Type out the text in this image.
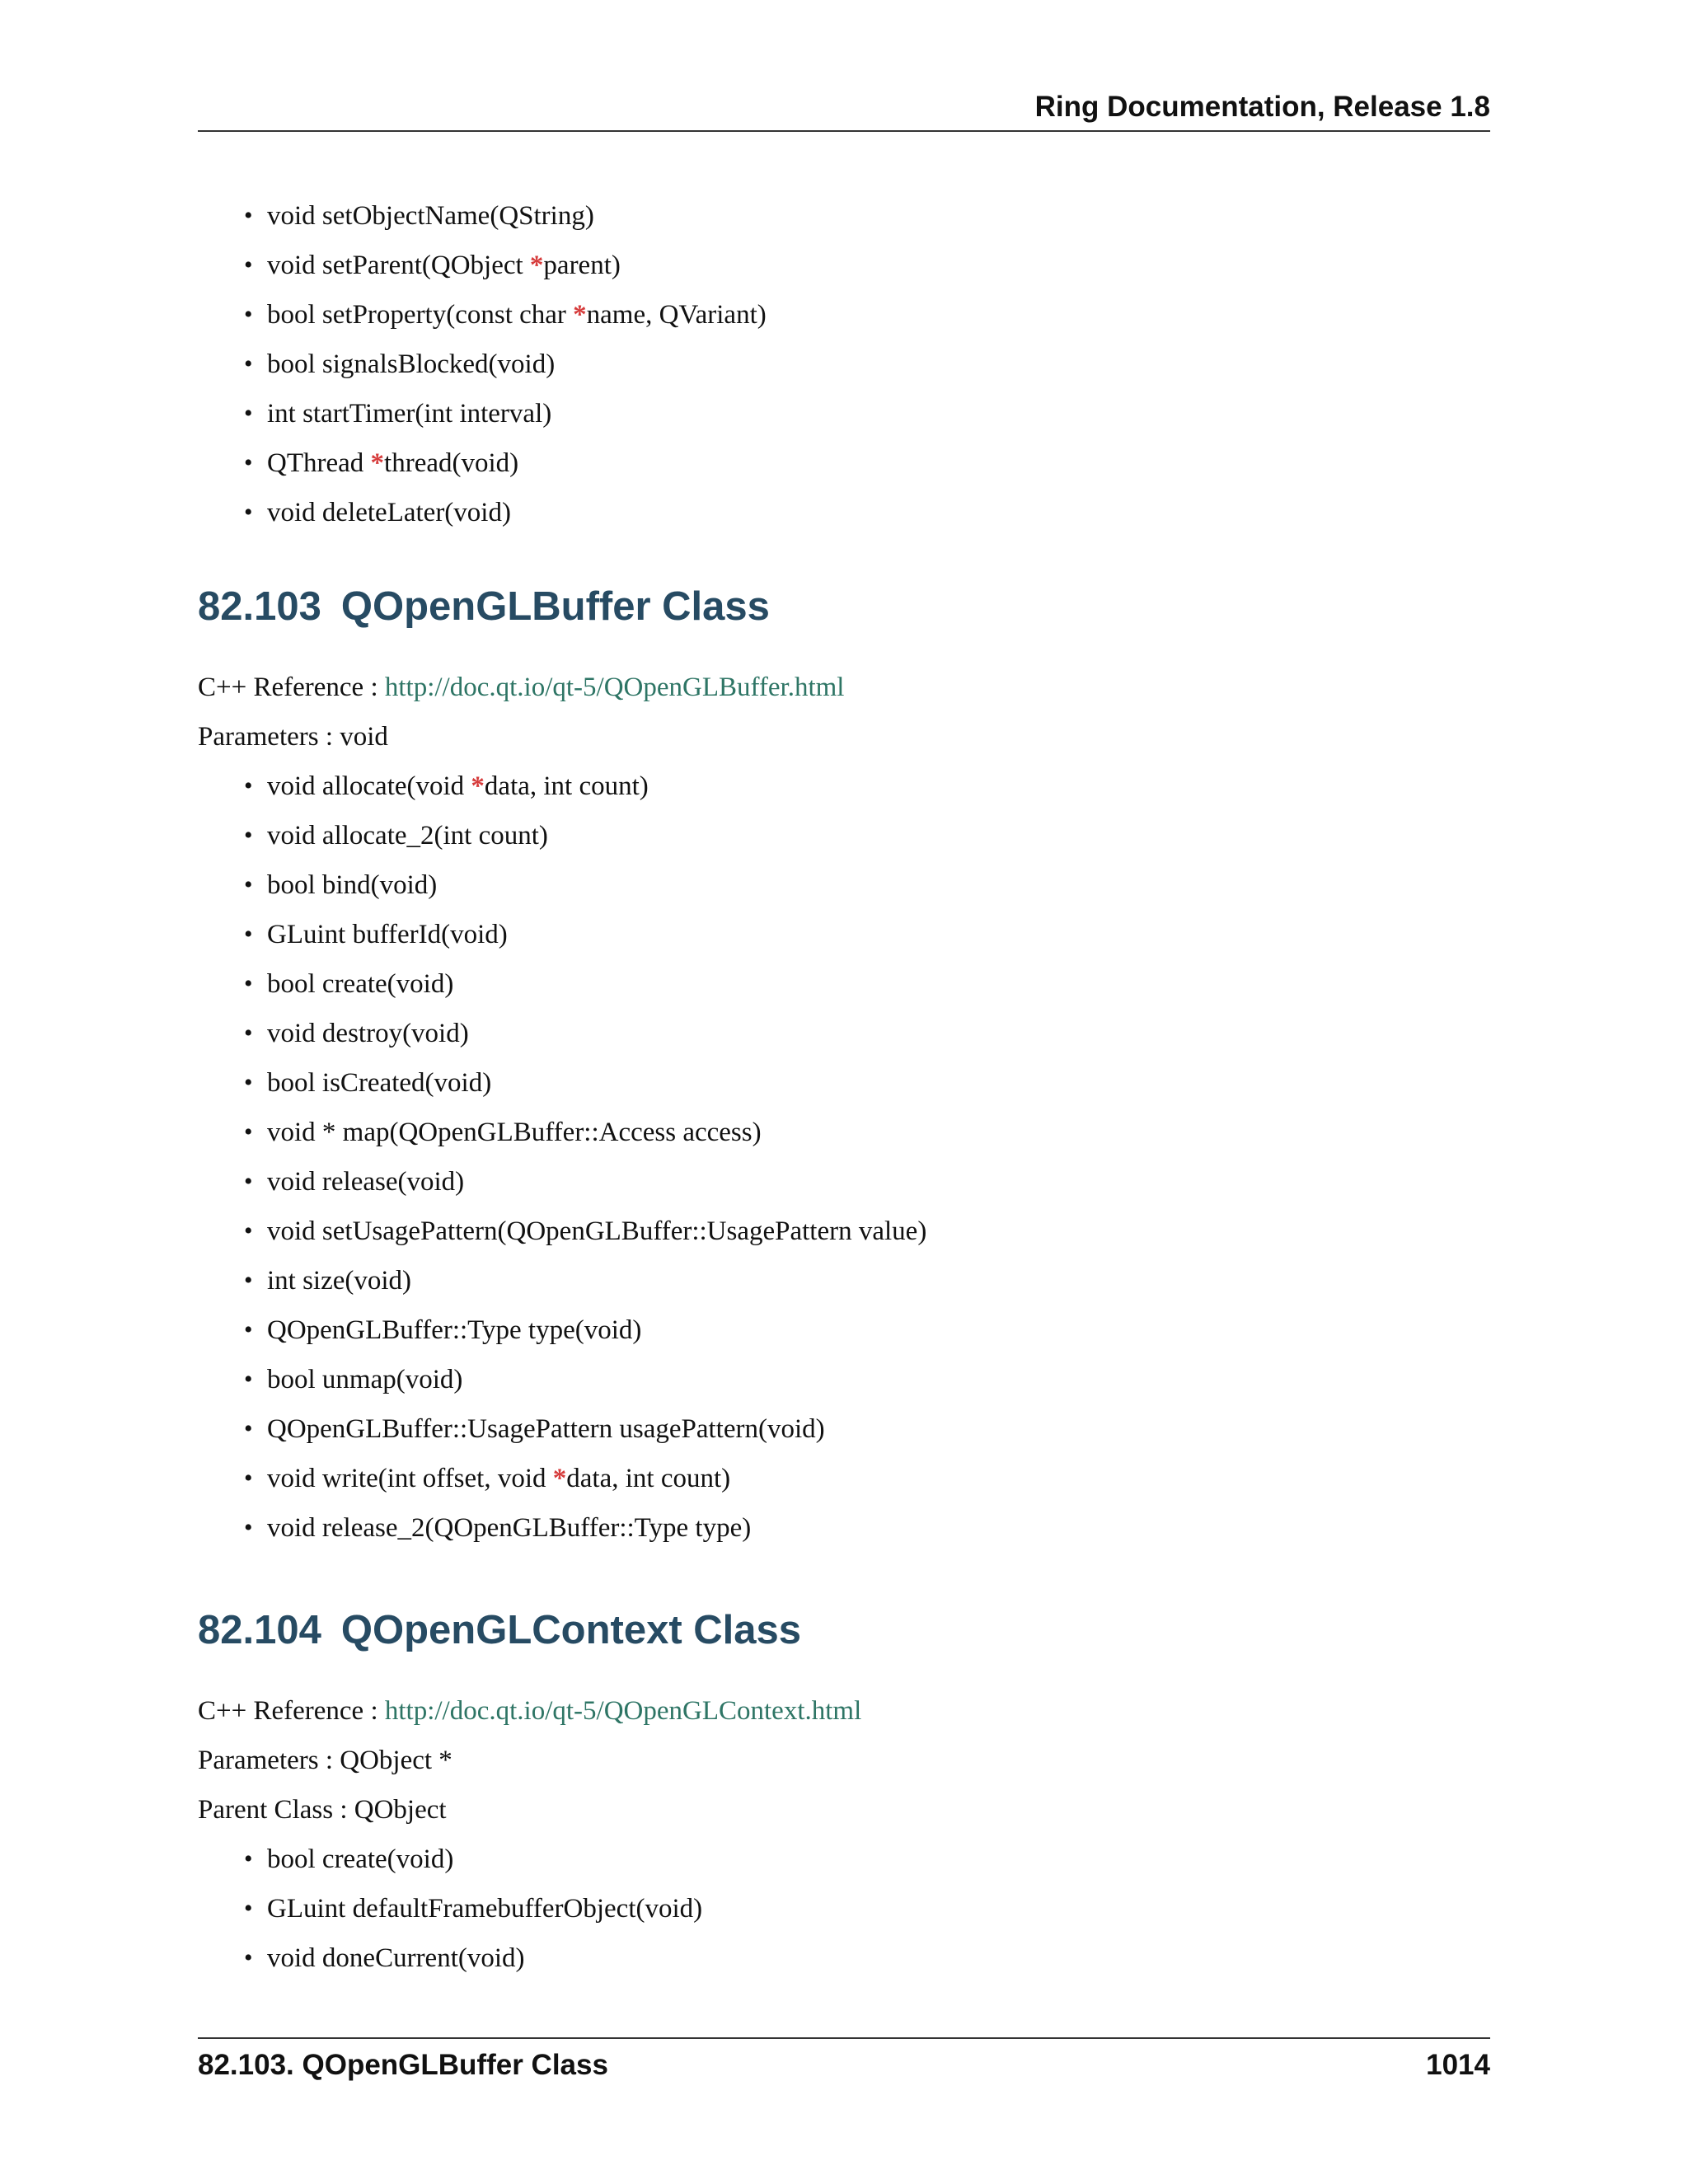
Ring Documentation, Release 1.8
• void setObjectName(QString)
• void setParent(QObject *parent)
• bool setProperty(const char *name, QVariant)
• bool signalsBlocked(void)
• int startTimer(int interval)
• QThread *thread(void)
• void deleteLater(void)
82.103 QOpenGLBuffer Class

C++ Reference : http://doc.qt.io/qt-5/QOpenGLBuffer.html

Parameters : void

• void allocate(void *data, int count)
• void allocate_2(int count)
• bool bind(void)
• GLuint bufferId(void)
• bool create(void)
• void destroy(void)
• bool isCreated(void)
• void * map(QOpenGLBuffer::Access access)
• void release(void)
• void setUsagePattern(QOpenGLBuffer::UsagePattern value)
• int size(void)
• QOpenGLBuffer::Type type(void)
• bool unmap(void)
• QOpenGLBuffer::UsagePattern usagePattern(void)
• void write(int offset, void *data, int count)
• void release_2(QOpenGLBuffer::Type type)
82.104 QOpenGLContext Class

C++ Reference : http://doc.qt.io/qt-5/QOpenGLContext.html

Parameters : QObject *

Parent Class : QObject

• bool create(void)
• GLuint defaultFramebufferObject(void)
• void doneCurrent(void)
82.103. QOpenGLBuffer Class	1014
